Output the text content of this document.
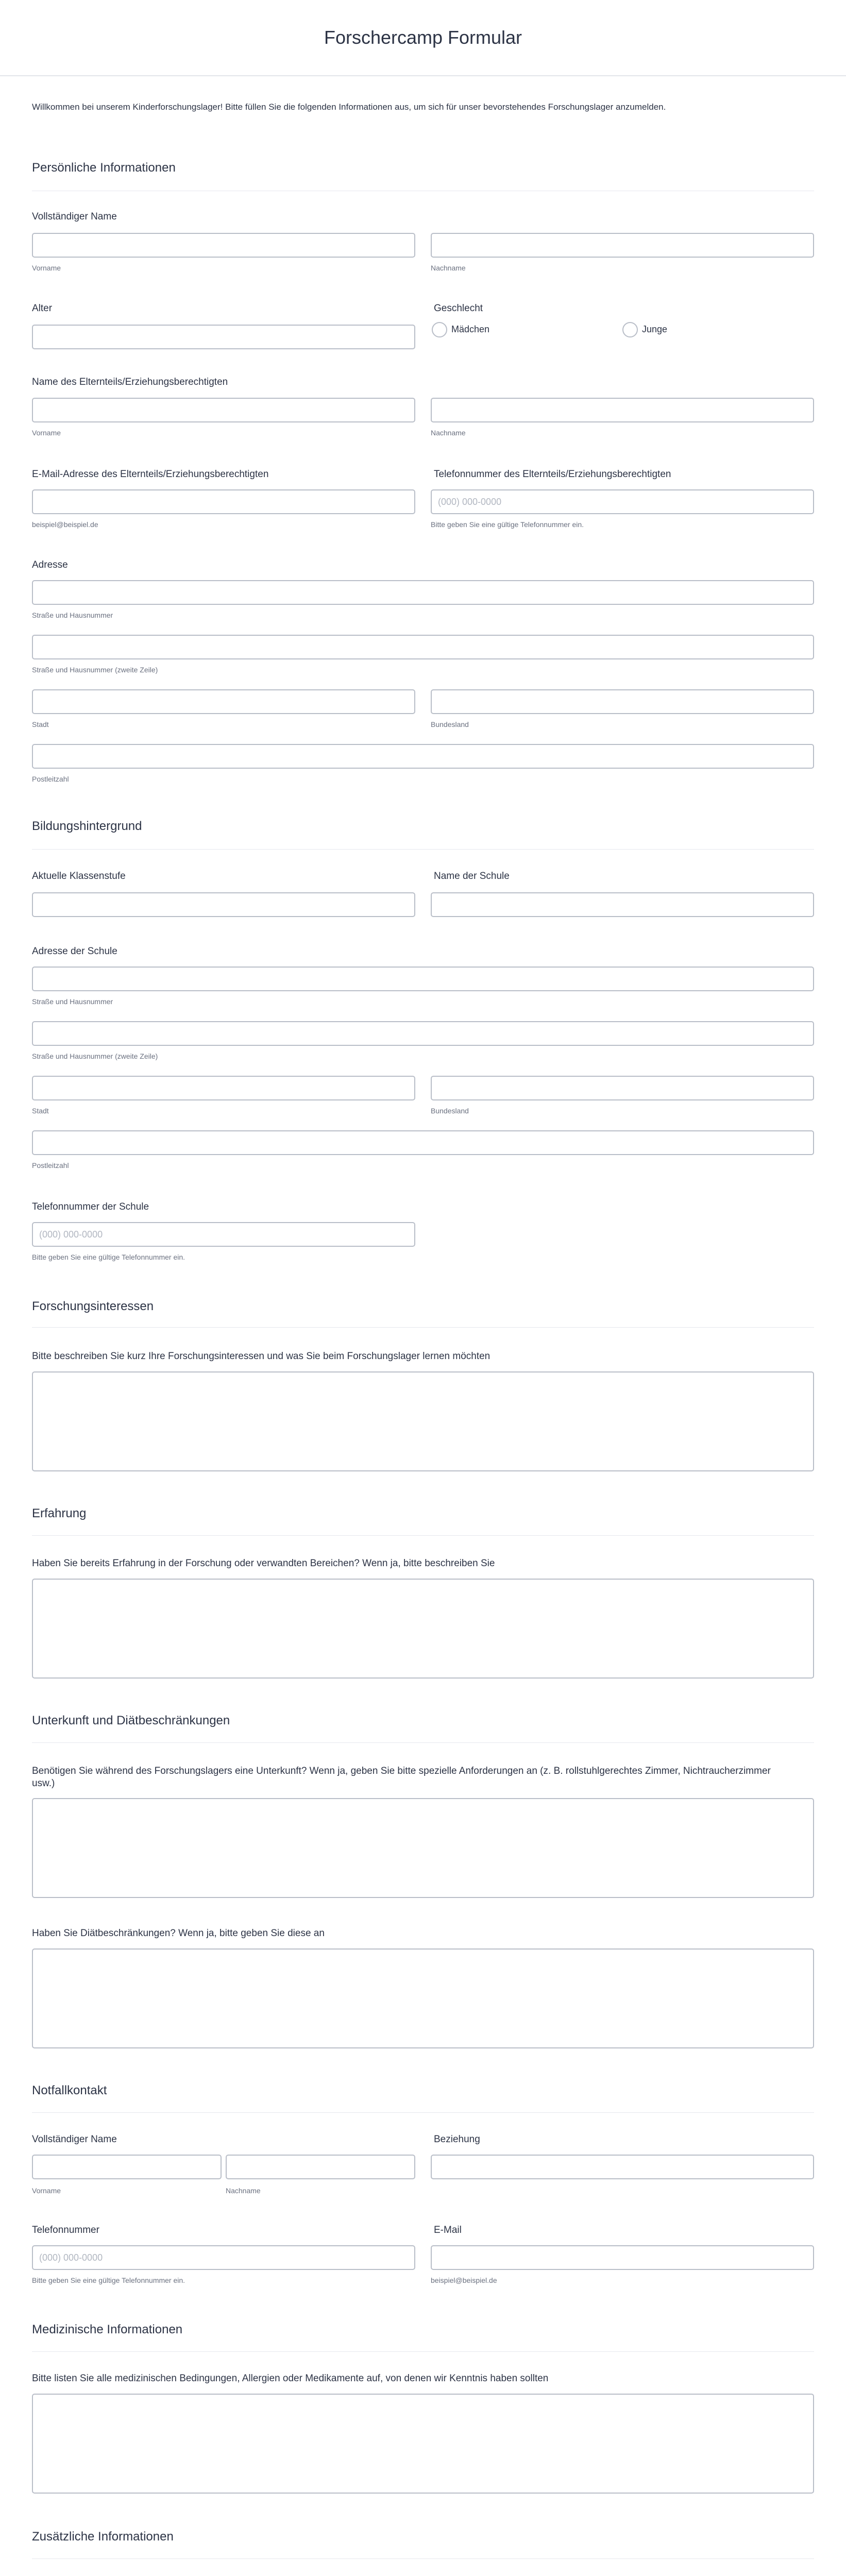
Forschercamp Formular
Willkommen bei unserem Kinderforschungslager! Bitte füllen Sie die folgenden Informationen aus, um sich für unser bevorstehendes Forschungslager anzumelden.
Persönliche Informationen
Vollständiger Name
Vorname	Nachname
Alter	Geschlecht
Mädchen	Junge
Name des Elternteils/Erziehungsberechtigten
Vorname	Nachname
E-Mail-Adresse des Elternteils/Erziehungsberechtigten
beispiel@beispiel.de
Telefonnummer des Elternteils/Erziehungsberechtigten
(000) 000-0000
Bitte geben Sie eine gültige Telefonnummer ein.
Adresse
Straße und Hausnummer
Straße und Hausnummer (zweite Zeile)
Stadt	Bundesland
Postleitzahl
Bildungshintergrund
Aktuelle Klassenstufe	Name der Schule
Adresse der Schule
Straße und Hausnummer
Straße und Hausnummer (zweite Zeile)
Stadt	Bundesland
Postleitzahl
Telefonnummer der Schule
(000) 000-0000
Bitte geben Sie eine gültige Telefonnummer ein.
Forschungsinteressen
Bitte beschreiben Sie kurz Ihre Forschungsinteressen und was Sie beim Forschungslager lernen möchten
Erfahrung
Haben Sie bereits Erfahrung in der Forschung oder verwandten Bereichen? Wenn ja, bitte beschreiben Sie
Unterkunft und Diätbeschränkungen
Benötigen Sie während des Forschungslagers eine Unterkunft? Wenn ja, geben Sie bitte spezielle Anforderungen an (z. B. rollstuhlgerechtes Zimmer, Nichtraucherzimmer usw.)
Haben Sie Diätbeschränkungen? Wenn ja, bitte geben Sie diese an
Notfallkontakt
Vollständiger Name
Vorname	Nachname
Beziehung
Telefonnummer
(000) 000-0000
Bitte geben Sie eine gültige Telefonnummer ein.
E-Mail
beispiel@beispiel.de
Medizinische Informationen
Bitte listen Sie alle medizinischen Bedingungen, Allergien oder Medikamente auf, von denen wir Kenntnis haben sollten
Zusätzliche Informationen
